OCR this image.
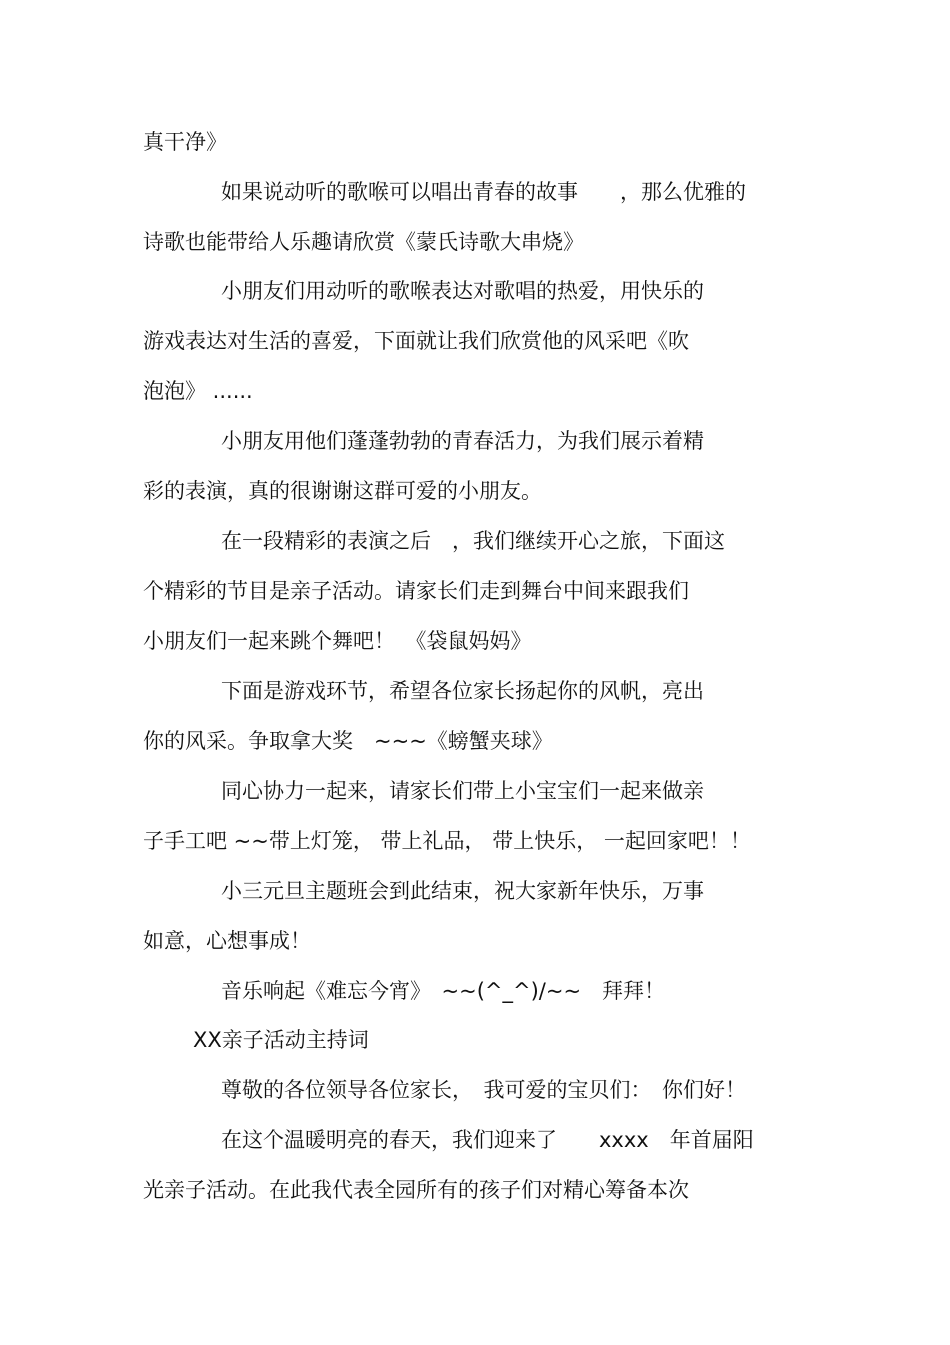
真干净》
如果说动听的歌喉可以唱出青春的故事　　，那么优雅的
诗歌也能带给人乐趣请欣赏《蒙氏诗歌大串烧》
小朋友们用动听的歌喉表达对歌唱的热爱，用快乐的
游戏表达对生活的喜爱，下面就让我们欣赏他的风采吧《吹
泡泡》 ......
小朋友用他们蓬蓬勃勃的青春活力，为我们展示着精
彩的表演，真的很谢谢这群可爱的小朋友。
在一段精彩的表演之后　，我们继续开心之旅，下面这
个精彩的节目是亲子活动。请家长们走到舞台中间来跟我们
小朋友们一起来跳个舞吧！　《袋鼠妈妈》
下面是游戏环节，希望各位家长扬起你的风帆，亮出
你的风采。争取拿大奖　~~~《螃蟹夹球》
同心协力一起来，请家长们带上小宝宝们一起来做亲
子手工吧 ~~带上灯笼， 带上礼品， 带上快乐， 一起回家吧！！
小三元旦主题班会到此结束，祝大家新年快乐，万事
如意，心想事成！
音乐响起《难忘今宵》　~~(^_^)/~~　拜拜！
XX亲子活动主持词
尊敬的各位领导各位家长，　我可爱的宝贝们：　你们好！
在这个温暖明亮的春天，我们迎来了　　xxxx　年首届阳
光亲子活动。在此我代表全园所有的孩子们对精心筹备本次
